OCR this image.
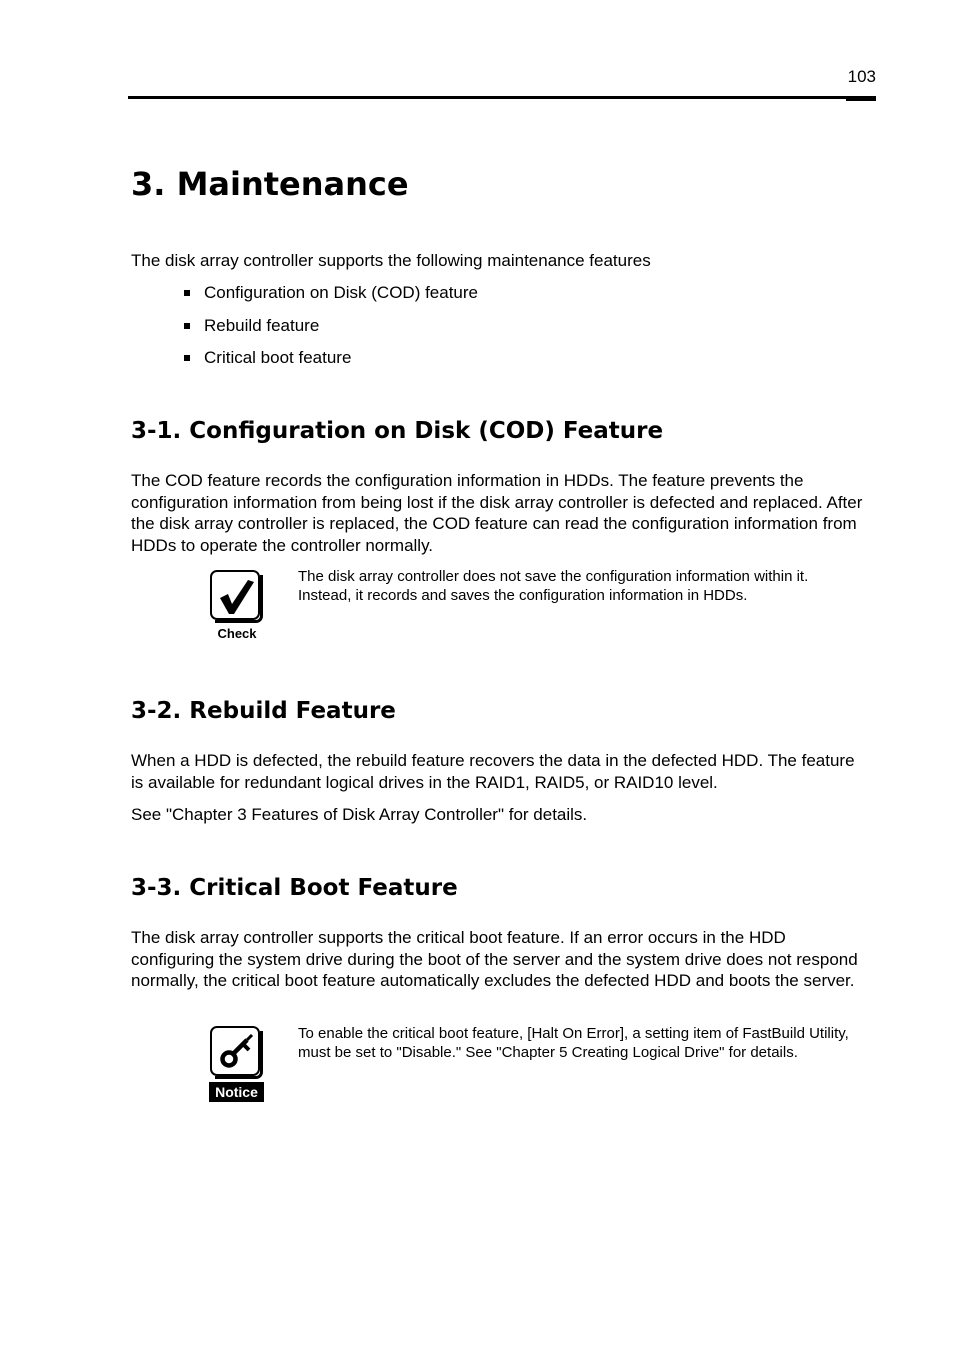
103
3. Maintenance

The disk array controller supports the following maintenance features

Configuration on Disk (COD) feature
Rebuild feature
Critical boot feature
3-1. Configuration on Disk (COD) Feature

The COD feature records the configuration information in HDDs. The feature prevents the configuration information from being lost if the disk array controller is defected and replaced. After the disk array controller is replaced, the COD feature can read the configuration information from HDDs to operate the controller normally.

Check

The disk array controller does not save the configuration information within it. Instead, it records and saves the configuration information in HDDs.

3-2. Rebuild Feature

When a HDD is defected, the rebuild feature recovers the data in the defected HDD. The feature is available for redundant logical drives in the RAID1, RAID5, or RAID10 level.

See "Chapter 3 Features of Disk Array Controller" for details.

3-3. Critical Boot Feature

The disk array controller supports the critical boot feature. If an error occurs in the HDD configuring the system drive during the boot of the server and the system drive does not respond normally, the critical boot feature automatically excludes the defected HDD and boots the server.

Notice

To enable the critical boot feature, [Halt On Error], a setting item of FastBuild Utility, must be set to "Disable." See "Chapter 5 Creating Logical Drive" for details.
